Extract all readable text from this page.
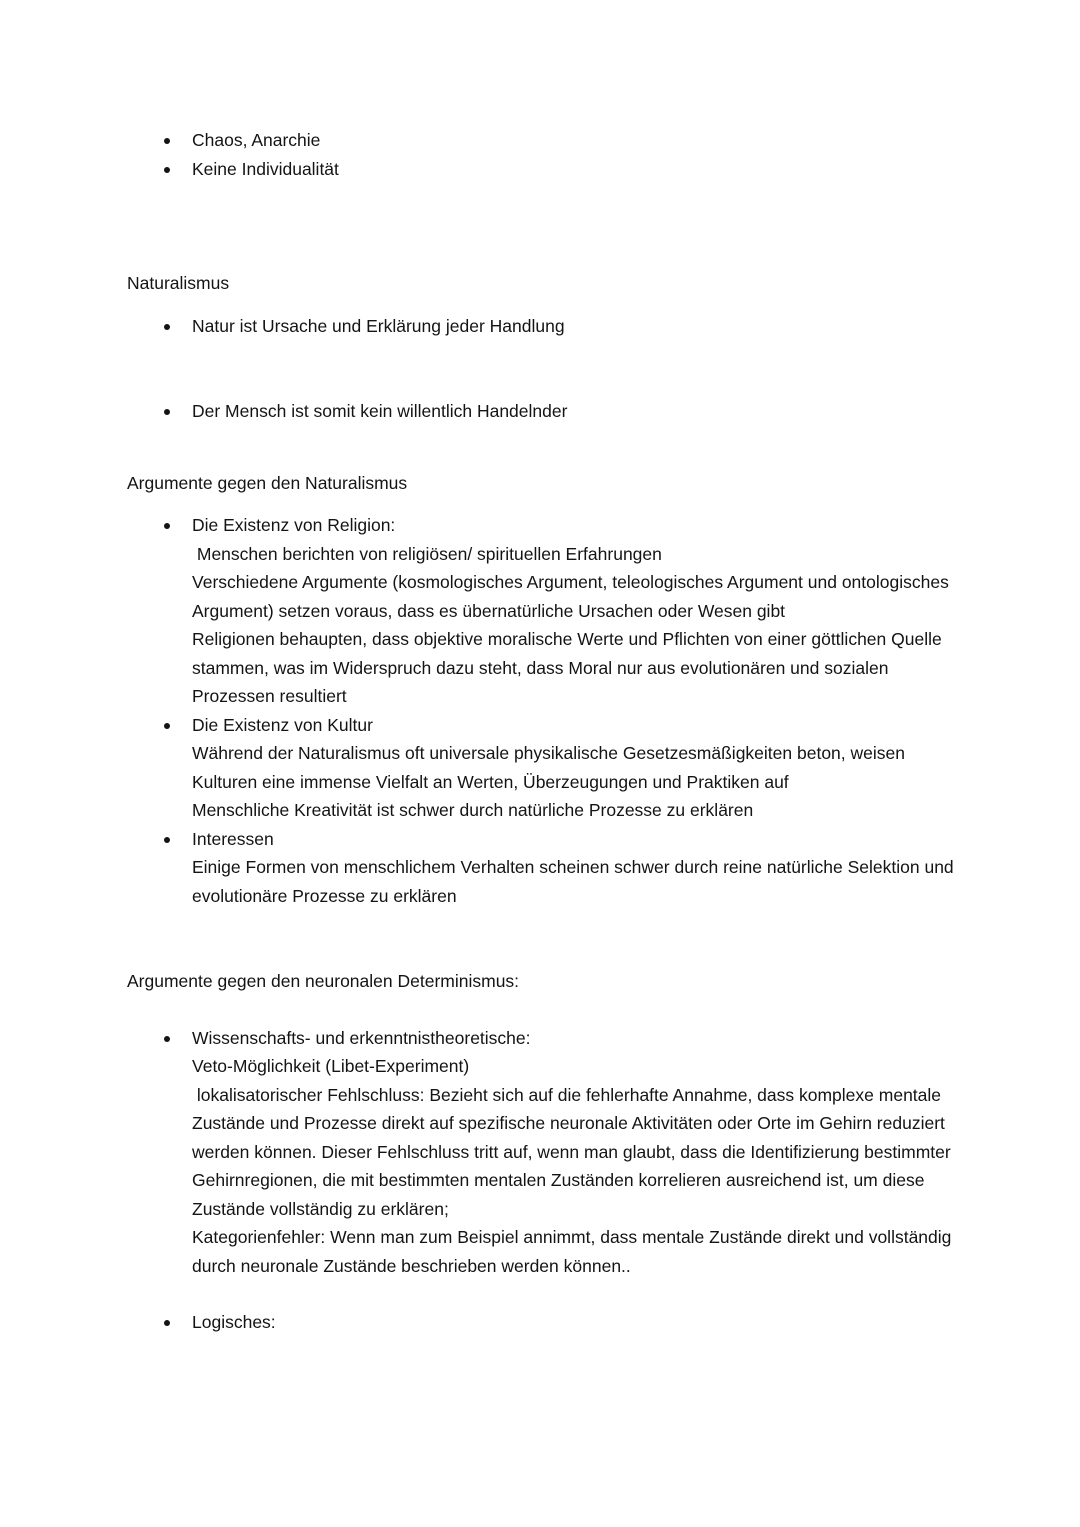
Chaos, Anarchie
Keine Individualität
Naturalismus
Natur ist Ursache und Erklärung jeder Handlung
Der Mensch ist somit kein willentlich Handelnder
Argumente gegen den Naturalismus
Die Existenz von Religion:
Menschen berichten von religiösen/ spirituellen Erfahrungen
Verschiedene Argumente (kosmologisches Argument, teleologisches Argument und ontologisches Argument) setzen voraus, dass es übernatürliche Ursachen oder Wesen gibt
Religionen behaupten, dass objektive moralische Werte und Pflichten von einer göttlichen Quelle stammen, was im Widerspruch dazu steht, dass Moral nur aus evolutionären und sozialen Prozessen resultiert
Die Existenz von Kultur
Während der Naturalismus oft universale physikalische Gesetzesmäßigkeiten beton, weisen Kulturen eine immense Vielfalt an Werten, Überzeugungen und Praktiken auf
Menschliche Kreativität ist schwer durch natürliche Prozesse zu erklären
Interessen
Einige Formen von menschlichem Verhalten scheinen schwer durch reine natürliche Selektion und evolutionäre Prozesse zu erklären
Argumente gegen den neuronalen Determinismus:
Wissenschafts- und erkenntnistheoretische:
Veto-Möglichkeit (Libet-Experiment)
lokalisatorischer Fehlschluss: Bezieht sich auf die fehlerhafte Annahme, dass komplexe mentale Zustände und Prozesse direkt auf spezifische neuronale Aktivitäten oder Orte im Gehirn reduziert werden können. Dieser Fehlschluss tritt auf, wenn man glaubt, dass die Identifizierung bestimmter Gehirnregionen, die mit bestimmten mentalen Zuständen korrelieren ausreichend ist, um diese Zustände vollständig zu erklären;
Kategorienfehler: Wenn man zum Beispiel annimmt, dass mentale Zustände direkt und vollständig durch neuronale Zustände beschrieben werden können..
Logisches:
